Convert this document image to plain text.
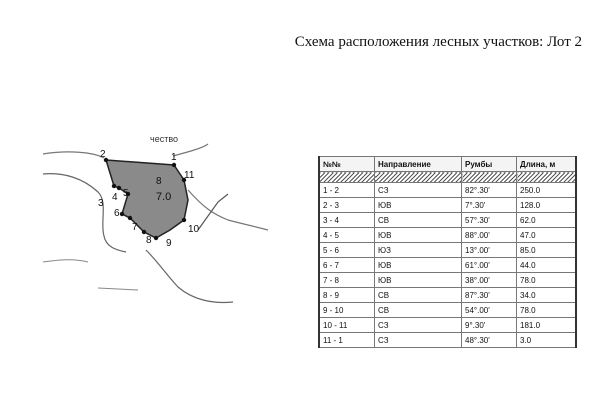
Схема расположения лесных участков: Лот 2
чество
1
2
3
4 5
6
7
8 9
10
11
8
7.0
№№	Направление	Румбы	Длина, м

1 - 2	СЗ	82°.30'	250.0
2 - 3	ЮВ	7°.30'	128.0
3 - 4	СВ	57°.30'	62.0
4 - 5	ЮВ	88°.00'	47.0
5 - 6	ЮЗ	13°.00'	85.0
6 - 7	ЮВ	61°.00'	44.0
7 - 8	ЮВ	38°.00'	78.0
8 - 9	СВ	87°.30'	34.0
9 - 10	СВ	54°.00'	78.0
10 - 11	СЗ	9°.30'	181.0
11 - 1	СЗ	48°.30'	3.0
